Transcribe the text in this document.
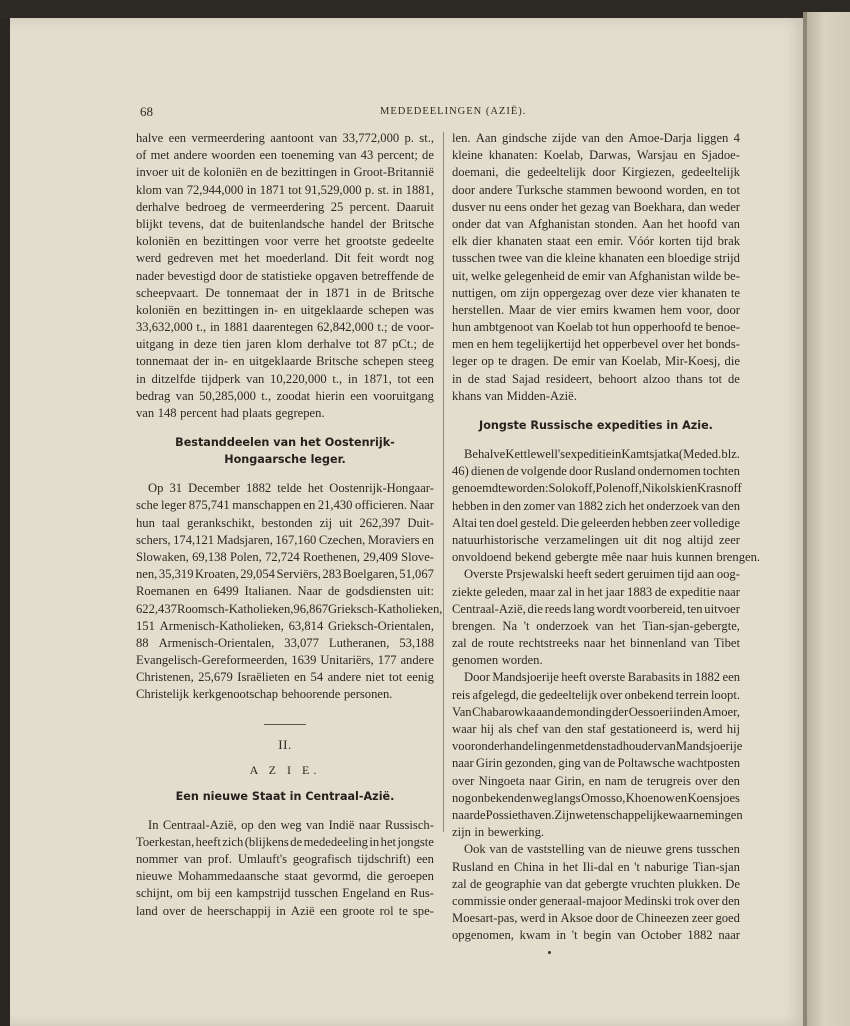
68	MEDEDEELINGEN (AZIË).
halve een vermeerdering aantoont van 33,772,000 p. st.,
of met andere woorden een toeneming van 43 percent; de
invoer uit de koloniën en de bezittingen in Groot-Britannië
klom van 72,944,000 in 1871 tot 91,529,000 p. st. in 1881,
derhalve bedroeg de vermeerdering 25 percent. Daaruit
blijkt tevens, dat de buitenlandsche handel der Britsche
koloniën en bezittingen voor verre het grootste gedeelte
werd gedreven met het moederland. Dit feit wordt nog
nader bevestigd door de statistieke opgaven betreffende de
scheepvaart. De tonnemaat der in 1871 in de Britsche
koloniën en bezittingen in- en uitgeklaarde schepen was
33,632,000 t., in 1881 daarentegen 62,842,000 t.; de voor-
uitgang in deze tien jaren klom derhalve tot 87 pCt.; de
tonnemaat der in- en uitgeklaarde Britsche schepen steeg
in ditzelfde tijdperk van 10,220,000 t., in 1871, tot een
bedrag van 50,285,000 t., zoodat hierin een vooruitgang
van 148 percent had plaats gegrepen.
Bestanddeelen van het Oostenrijk-
Hongaarsche leger.
Op 31 December 1882 telde het Oostenrijk-Hongaar-
sche leger 875,741 manschappen en 21,430 officieren. Naar
hun taal gerankschikt, bestonden zij uit 262,397 Duit-
schers, 174,121 Madsjaren, 167,160 Czechen, Moraviers en
Slowaken, 69,138 Polen, 72,724 Roethenen, 29,409 Slove-
nen, 35,319 Kroaten, 29,054 Serviërs, 283 Boelgaren, 51,067
Roemanen en 6499 Italianen. Naar de godsdiensten uit:
622,437 Roomsch-Katholieken, 96,867 Grieksch-Katholieken,
151 Armenisch-Katholieken, 63,814 Grieksch-Orientalen,
88 Armenisch-Orientalen, 33,077 Lutheranen, 53,188
Evangelisch-Gereformeerden, 1639 Unitariërs, 177 andere
Christenen, 25,679 Israëlieten en 54 andere niet tot eenig
Christelijk kerkgenootschap behoorende personen.
II.
A Z I E.
Een nieuwe Staat in Centraal-Azië.
In Centraal-Azië, op den weg van Indië naar Russisch-
Toerkestan, heeft zich (blijkens de mededeeling in het jongste
nommer van prof. Umlauft's geografisch tijdschrift) een
nieuwe Mohammedaansche staat gevormd, die geroepen
schijnt, om bij een kampstrijd tusschen Engeland en Rus-
land over de heerschappij in Azië een groote rol te spe-
len. Aan gindsche zijde van den Amoe-Darja liggen 4
kleine khanaten: Koelab, Darwas, Warsjau en Sjadoe-
doemani, die gedeeltelijk door Kirgiezen, gedeeltelijk
door andere Turksche stammen bewoond worden, en tot
dusver nu eens onder het gezag van Boekhara, dan weder
onder dat van Afghanistan stonden. Aan het hoofd van
elk dier khanaten staat een emir. Vóór korten tijd brak
tusschen twee van die kleine khanaten een bloedige strijd
uit, welke gelegenheid de emir van Afghanistan wilde be-
nuttigen, om zijn oppergezag over deze vier khanaten te
herstellen. Maar de vier emirs kwamen hem voor, door
hun ambtgenoot van Koelab tot hun opperhoofd te benoe-
men en hem tegelijkertijd het opperbevel over het bonds-
leger op te dragen. De emir van Koelab, Mir-Koesj, die
in de stad Sajad resideert, behoort alzoo thans tot de
khans van Midden-Azië.
Jongste Russische expedities in Azie.
Behalve Kettlewell's expeditie in Kamtsjatka (Meded. blz.
46) dienen de volgende door Rusland ondernomen tochten
genoemd te worden: Solokoff, Polenoff, Nikolski en Krasnoff
hebben in den zomer van 1882 zich het onderzoek van den
Altai ten doel gesteld. Die geleerden hebben zeer volledige
natuurhistorische verzamelingen uit dit nog altijd zeer
onvoldoend bekend gebergte mêe naar huis kunnen brengen.
Overste Prsjewalski heeft sedert geruimen tijd aan oog-
ziekte geleden, maar zal in het jaar 1883 de expeditie naar
Centraal-Azië, die reeds lang wordt voorbereid, ten uitvoer
brengen. Na 't onderzoek van het Tian-sjan-gebergte,
zal de route rechtstreeks naar het binnenland van Tibet
genomen worden.
Door Mandsjoerije heeft overste Barabasits in 1882 een
reis afgelegd, die gedeeltelijk over onbekend terrein loopt.
Van Chabarowka aan de monding der Oessoeri in den Amoer,
waar hij als chef van den staf gestationeerd is, werd hij
voor onderhandelingen met den stadhouder van Mandsjoerije
naar Girin gezonden, ging van de Poltawsche wachtposten
over Ningoeta naar Girin, en nam de terugreis over den
nog onbekenden weg langs Omosso, Khoenow en Koensjoes
naar de Possiethaven. Zijn wetenschappelijke waarnemingen
zijn in bewerking.
Ook van de vaststelling van de nieuwe grens tusschen
Rusland en China in het Ili-dal en 't naburige Tian-sjan
zal de geographie van dat gebergte vruchten plukken. De
commissie onder generaal-majoor Medinski trok over den
Moesart-pas, werd in Aksoe door de Chineezen zeer goed
opgenomen, kwam in 't begin van October 1882 naar
